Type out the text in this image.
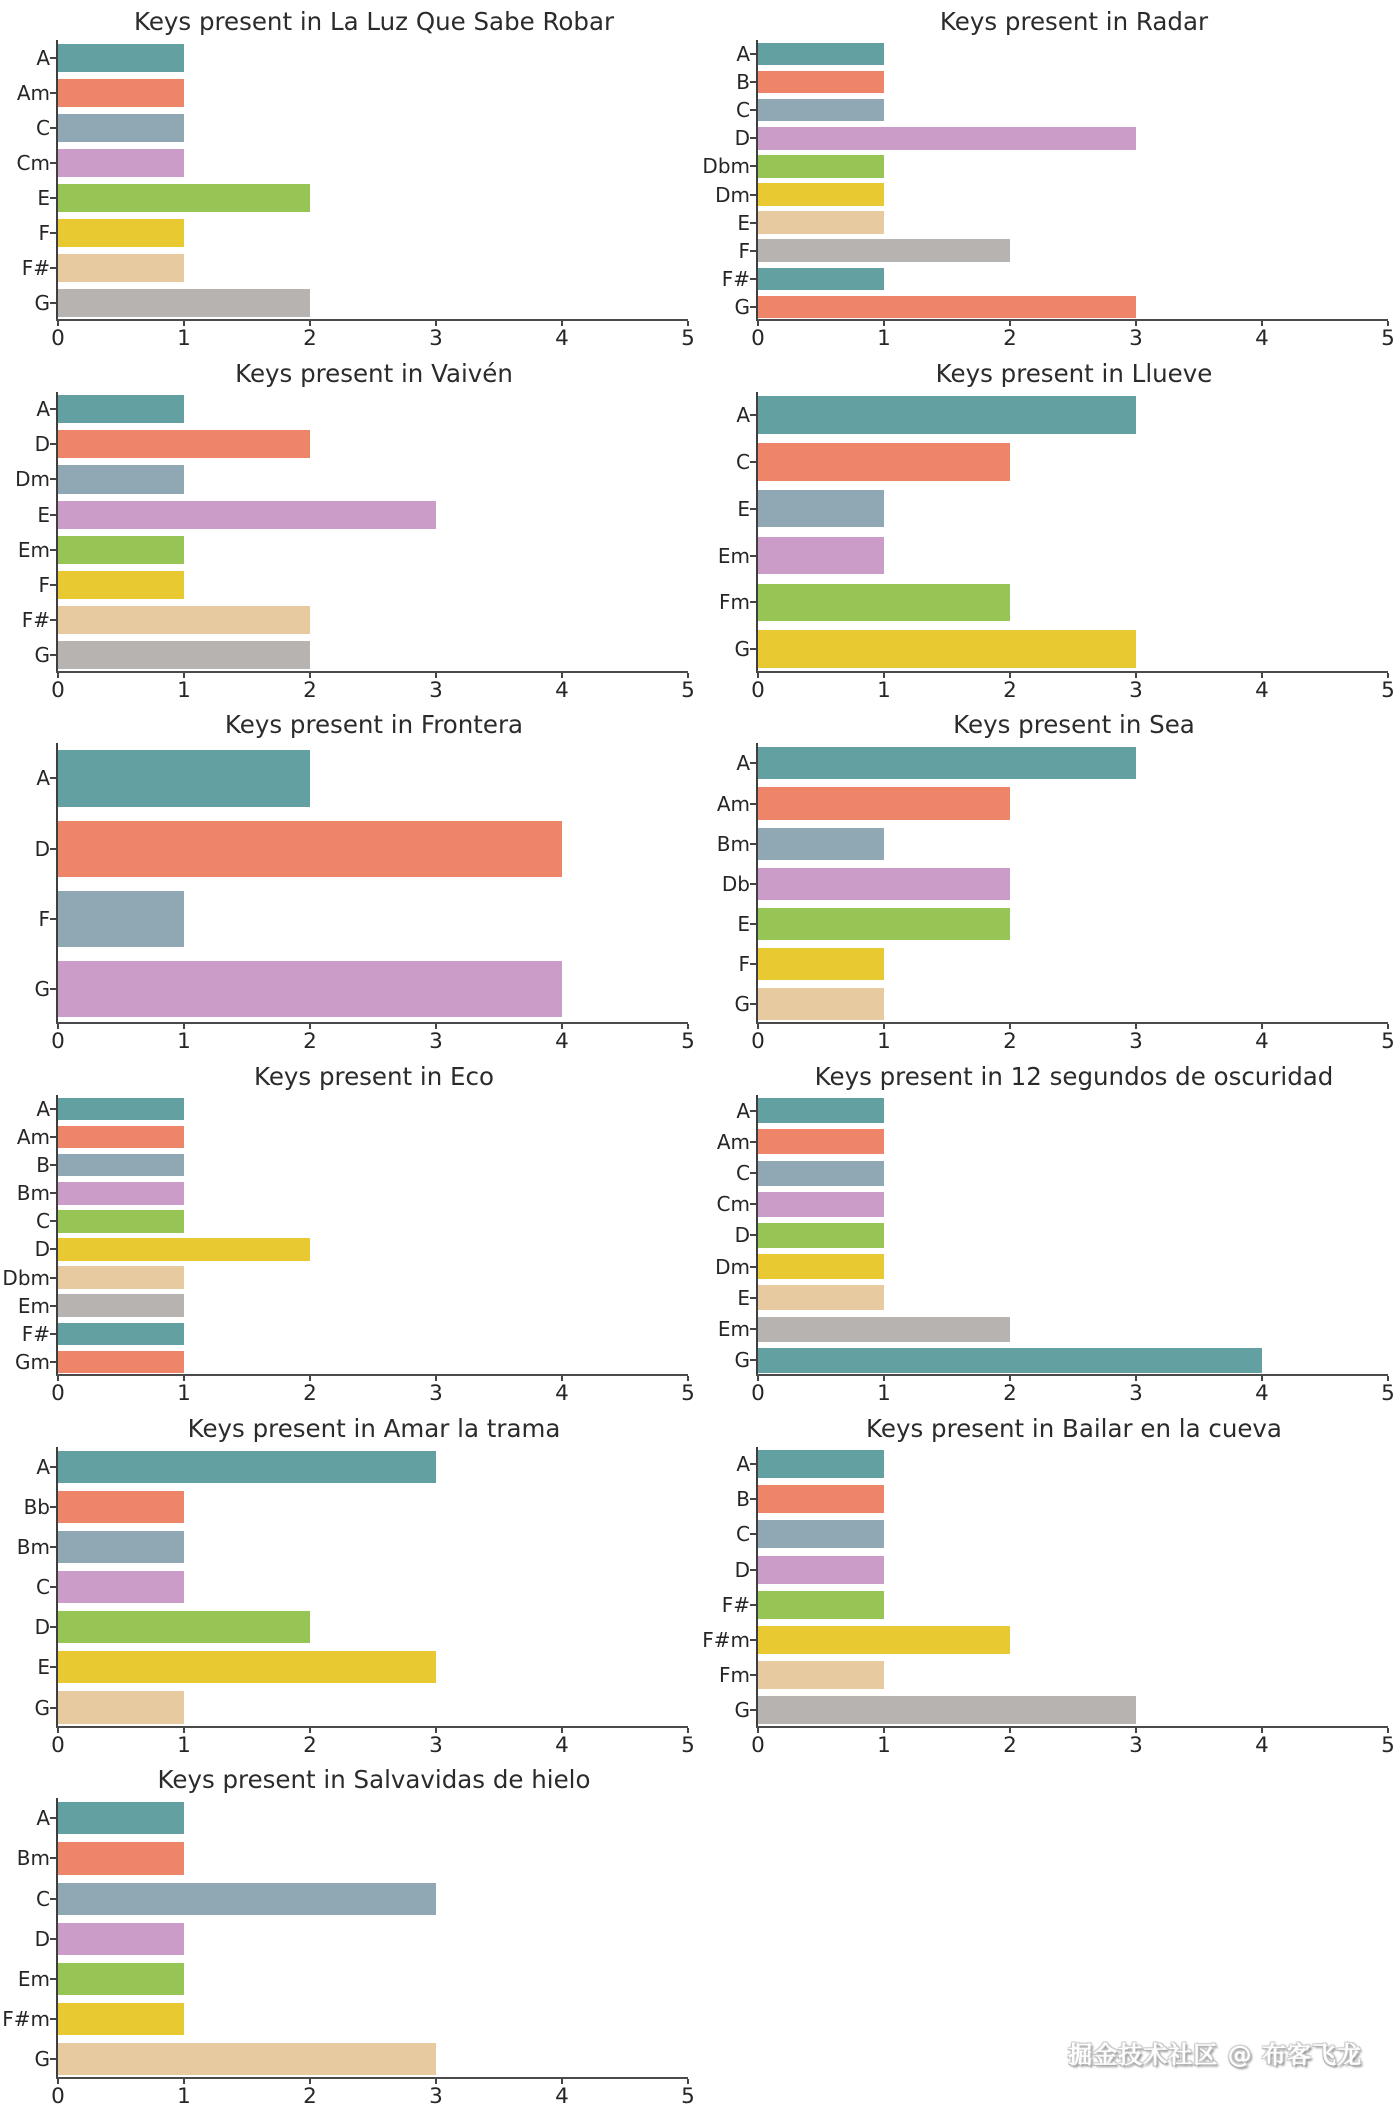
Keys present in La Luz Que Sabe Robar
A
Am
C
Cm
E
F
F#
G
0	1	2	3	4	5
Keys present in Radar
A
B
C
D
Dbm
Dm
E
F
F#
G
0	1	2	3	4	5
Keys present in Vaivén
A
D
Dm
E
Em
F
F#
G
0	1	2	3	4	5
Keys present in Llueve
A
C
E
Em
Fm
G
0	1	2	3	4	5
Keys present in Frontera
A
D
F
G
0	1	2	3	4	5
Keys present in Sea
A
Am
Bm
Db
E
F
G
0	1	2	3	4	5
Keys present in Eco
A
Am
B
Bm
C
D
Dbm
Em
F#
Gm
0	1	2	3	4	5
Keys present in 12 segundos de oscuridad
A
Am
C
Cm
D
Dm
E
Em
G
0	1	2	3	4	5
Keys present in Amar la trama
A
Bb
Bm
C
D
E
G
0	1	2	3	4	5
Keys present in Bailar en la cueva
A
B
C
D
F#
F#m
Fm
G
0	1	2	3	4	5
Keys present in Salvavidas de hielo
A
Bm
C
D
Em
F#m
G
0	1	2	3	4	5
掘金技术社区 @ 布客飞龙
